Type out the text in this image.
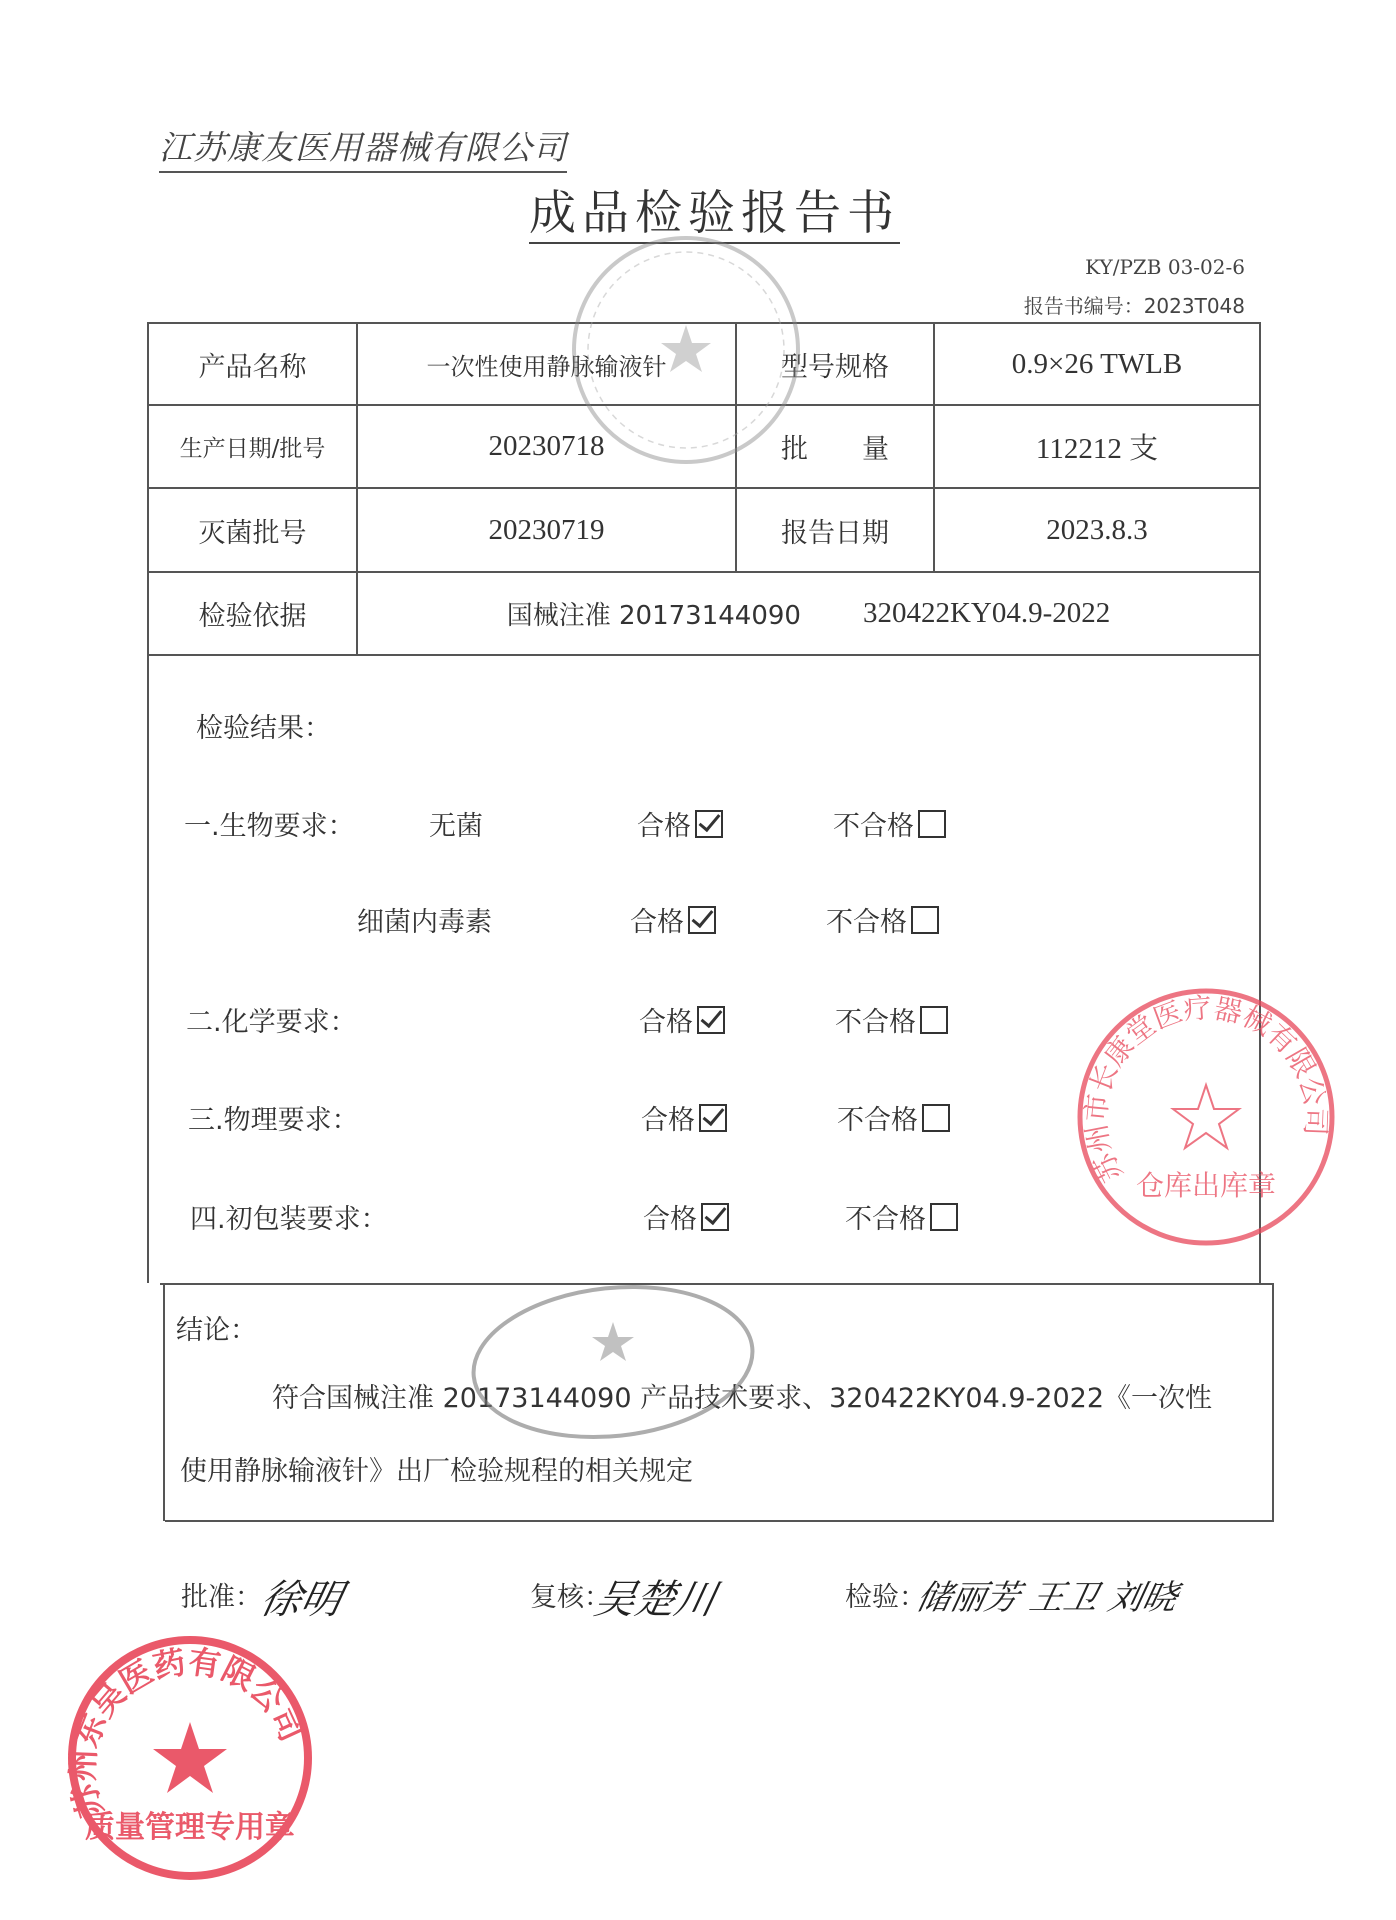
江苏康友医用器械有限公司
成品检验报告书
KY/PZB 03-02-6
报告书编号：2023T048
产品名称	一次性使用静脉输液针	型号规格	0.9×26 TWLB
生产日期/批号	20230718	批　　量	112212 支
灭菌批号	20230719	报告日期	2023.8.3
检验依据	国械注准 20173144090 320422KY04.9-2022
检验结果：
一.生物要求：	无菌	合格	不合格
细菌内毒素	合格	不合格
二.化学要求：	合格	不合格
三.物理要求：	合格	不合格
四.初包装要求：	合格	不合格
结论：
符合国械注准 20173144090 产品技术要求、320422KY04.9-2022《一次性
使用静脉输液针》出厂检验规程的相关规定
批准：
徐明	复核：
吴楚川	检验：
储丽芳 王卫 刘晓
苏州市长康堂医疗器械有限公司
仓库出库章
苏州东吴医药有限公司
质量管理专用章
